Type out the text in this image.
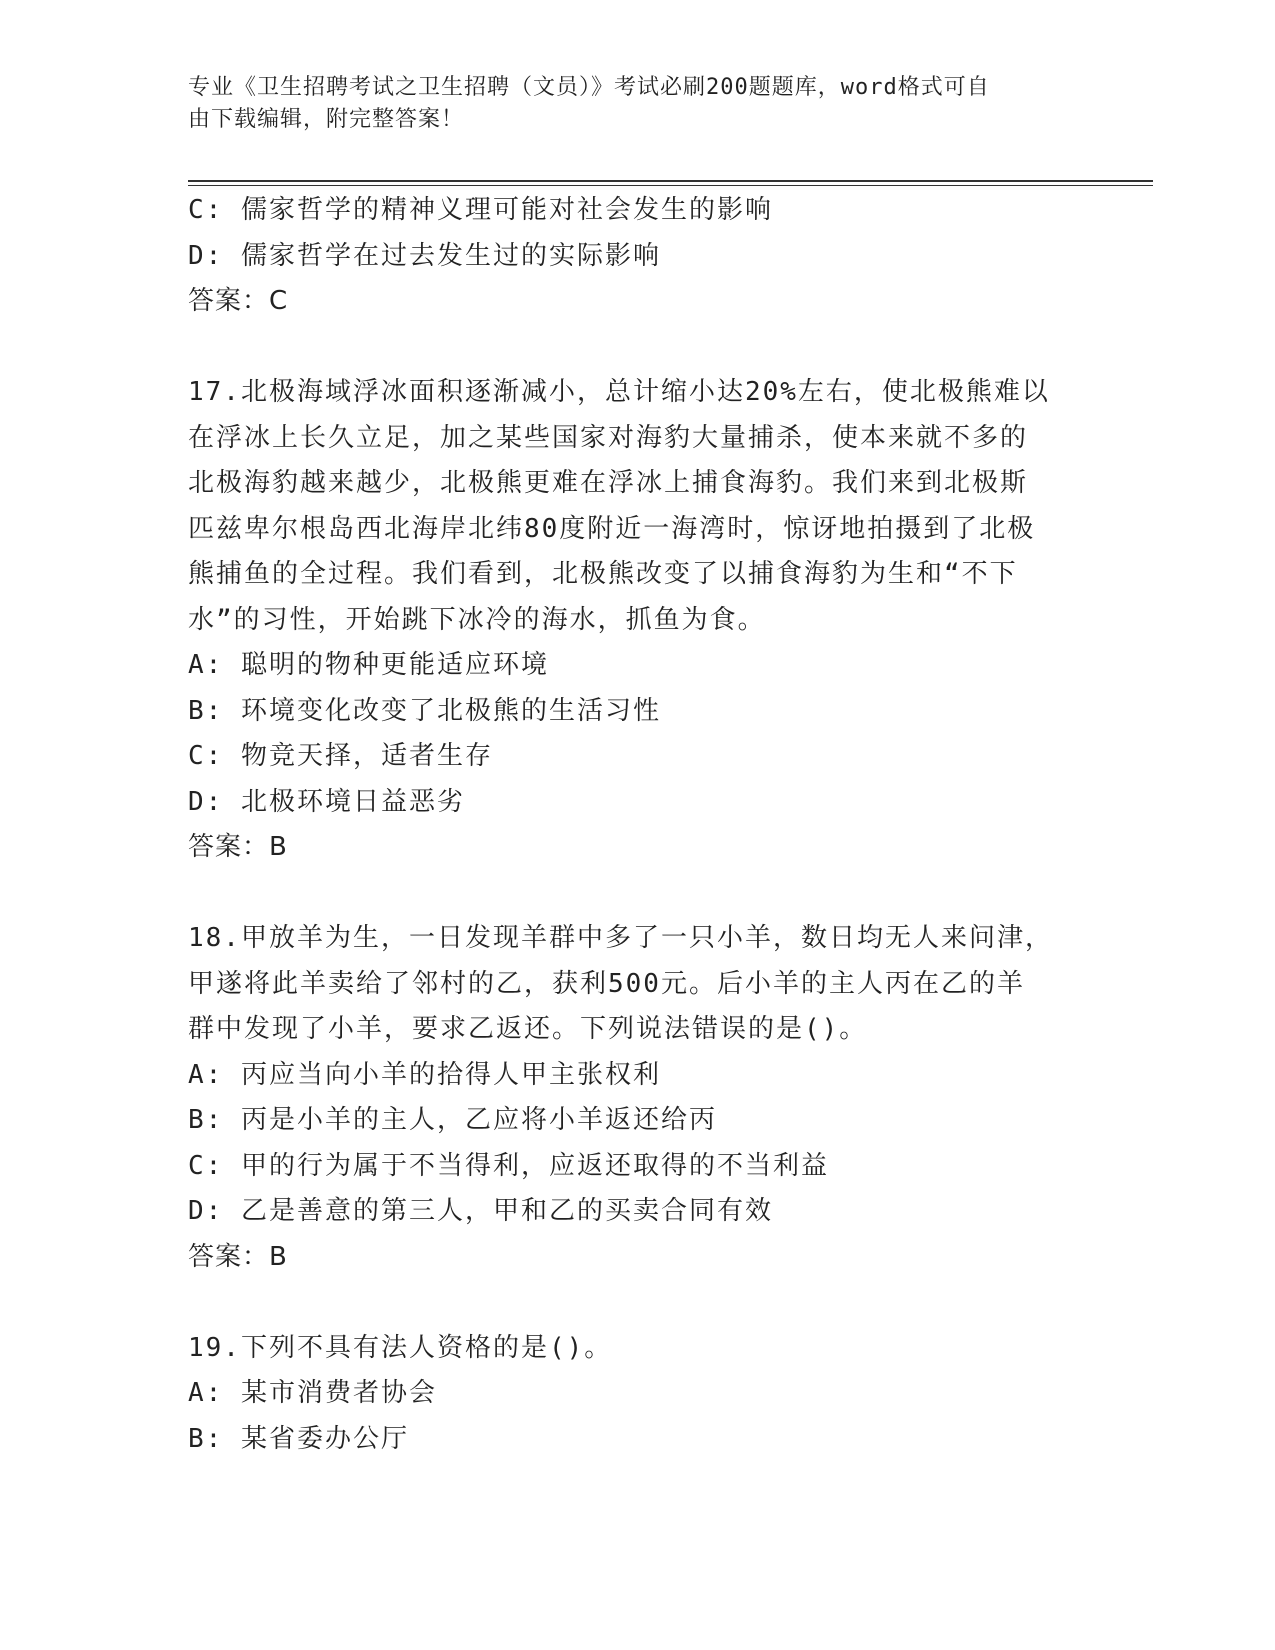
专业《卫生招聘考试之卫生招聘（文员）》考试必刷200题题库，word格式可自
由下载编辑，附完整答案！
C: 儒家哲学的精神义理可能对社会发生的影响
D: 儒家哲学在过去发生过的实际影响
答案：C
17.北极海域浮冰面积逐渐减小，总计缩小达20%左右，使北极熊难以
在浮冰上长久立足，加之某些国家对海豹大量捕杀，使本来就不多的
北极海豹越来越少，北极熊更难在浮冰上捕食海豹。我们来到北极斯
匹兹卑尔根岛西北海岸北纬80度附近一海湾时，惊讶地拍摄到了北极
熊捕鱼的全过程。我们看到，北极熊改变了以捕食海豹为生和“不下
水”的习性，开始跳下冰冷的海水，抓鱼为食。
A: 聪明的物种更能适应环境
B: 环境变化改变了北极熊的生活习性
C: 物竞天择，适者生存
D: 北极环境日益恶劣
答案：B
18.甲放羊为生，一日发现羊群中多了一只小羊，数日均无人来问津，
甲遂将此羊卖给了邻村的乙，获利500元。后小羊的主人丙在乙的羊
群中发现了小羊，要求乙返还。下列说法错误的是()。
A: 丙应当向小羊的拾得人甲主张权利
B: 丙是小羊的主人，乙应将小羊返还给丙
C: 甲的行为属于不当得利，应返还取得的不当利益
D: 乙是善意的第三人，甲和乙的买卖合同有效
答案：B
19.下列不具有法人资格的是()。
A: 某市消费者协会
B: 某省委办公厅
